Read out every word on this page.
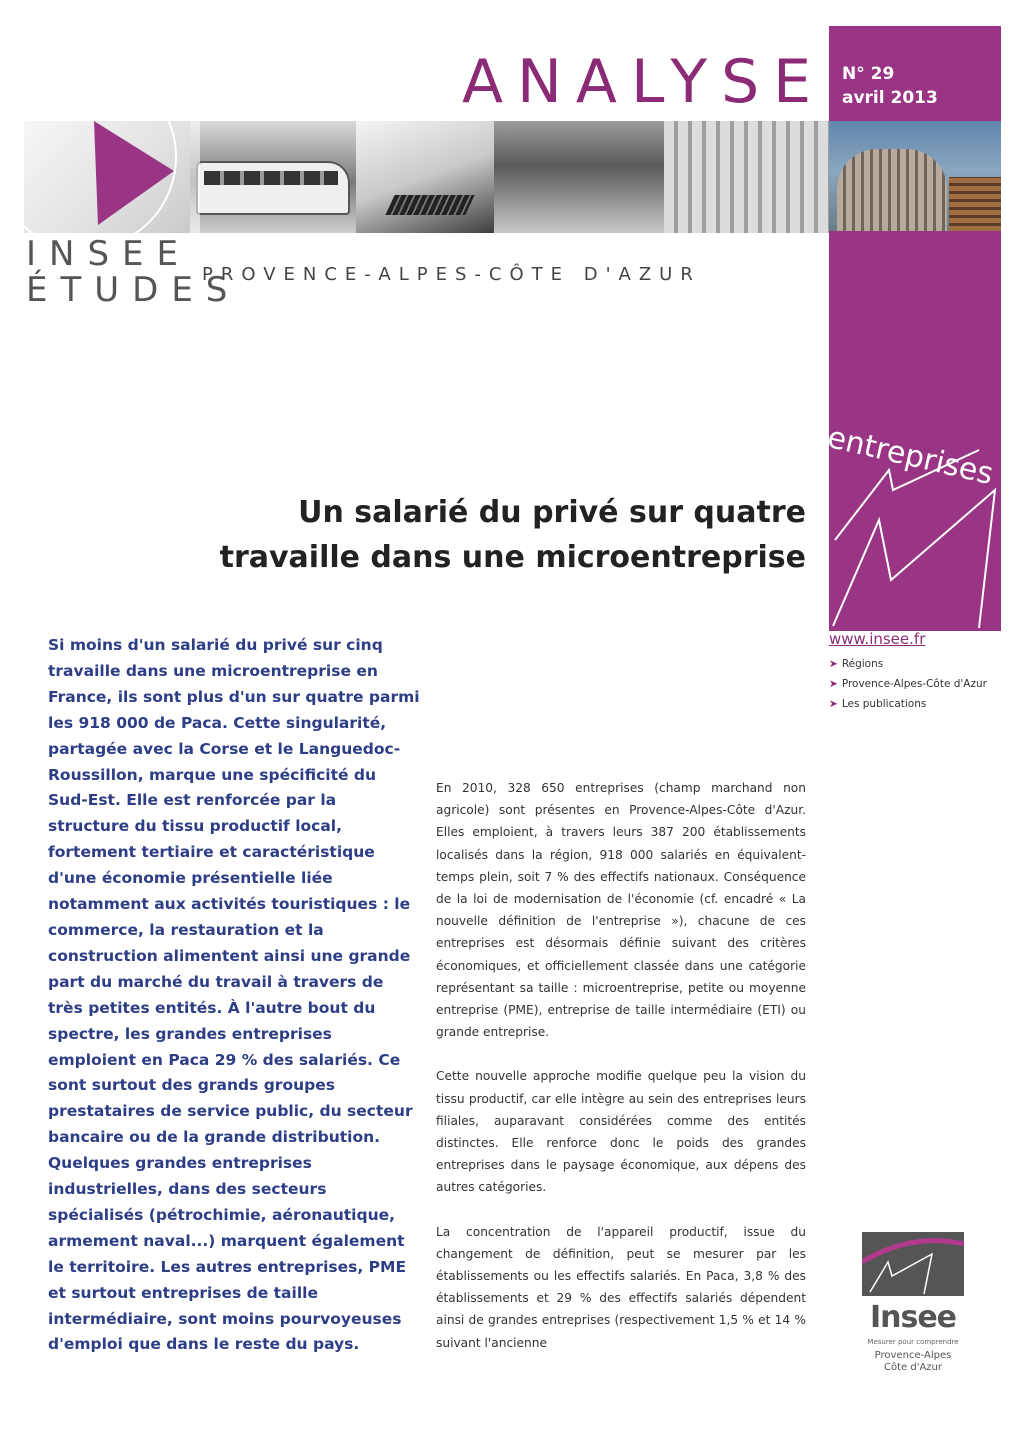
ANALYSE N° 29
avril 2013
INSEE
ÉTUDES
PROVENCE-ALPES-CÔTE D'AZUR
entreprises
Un salarié du privé sur quatre
travaille dans une microentreprise
www.insee.fr
➤ Régions
➤ Provence-Alpes-Côte d'Azur
➤ Les publications

Si moins d'un salarié du privé sur cinq travaille dans une microentreprise en France, ils sont plus d'un sur quatre parmi les 918 000 de Paca. Cette singularité, partagée avec la Corse et le Languedoc-Roussillon, marque une spécificité du Sud-Est. Elle est renforcée par la structure du tissu productif local, fortement tertiaire et caractéristique d'une économie présentielle liée notamment aux activités touristiques : le commerce, la restauration et la construction alimentent ainsi une grande part du marché du travail à travers de très petites entités. À l'autre bout du spectre, les grandes entreprises emploient en Paca 29 % des salariés. Ce sont surtout des grands groupes prestataires de service public, du secteur bancaire ou de la grande distribution. Quelques grandes entreprises industrielles, dans des secteurs spécialisés (pétrochimie, aéronautique, armement naval...) marquent également le territoire. Les autres entreprises, PME et surtout entreprises de taille intermédiaire, sont moins pourvoyeuses d'emploi que dans le reste du pays.

En 2010, 328 650 entreprises (champ marchand non agricole) sont présentes en Provence-Alpes-Côte d'Azur. Elles emploient, à travers leurs 387 200 établissements localisés dans la région, 918 000 salariés en équivalent-temps plein, soit 7 % des effectifs nationaux. Conséquence de la loi de modernisation de l'économie (cf. encadré « La nouvelle définition de l'entreprise »), chacune de ces entreprises est désormais définie suivant des critères économiques, et officiellement classée dans une catégorie représentant sa taille : microentreprise, petite ou moyenne entreprise (PME), entreprise de taille intermédiaire (ETI) ou grande entreprise.

Cette nouvelle approche modifie quelque peu la vision du tissu productif, car elle intègre au sein des entreprises leurs filiales, auparavant considérées comme des entités distinctes. Elle renforce donc le poids des grandes entreprises dans le paysage économique, aux dépens des autres catégories.

La concentration de l'appareil productif, issue du changement de définition, peut se mesurer par les établissements ou les effectifs salariés. En Paca, 3,8 % des établissements et 29 % des effectifs salariés dépendent ainsi de grandes entreprises (respectivement 1,5 % et 14 % suivant l'ancienne

Insee
Mesurer pour comprendre
Provence-Alpes
Côte d'Azur
